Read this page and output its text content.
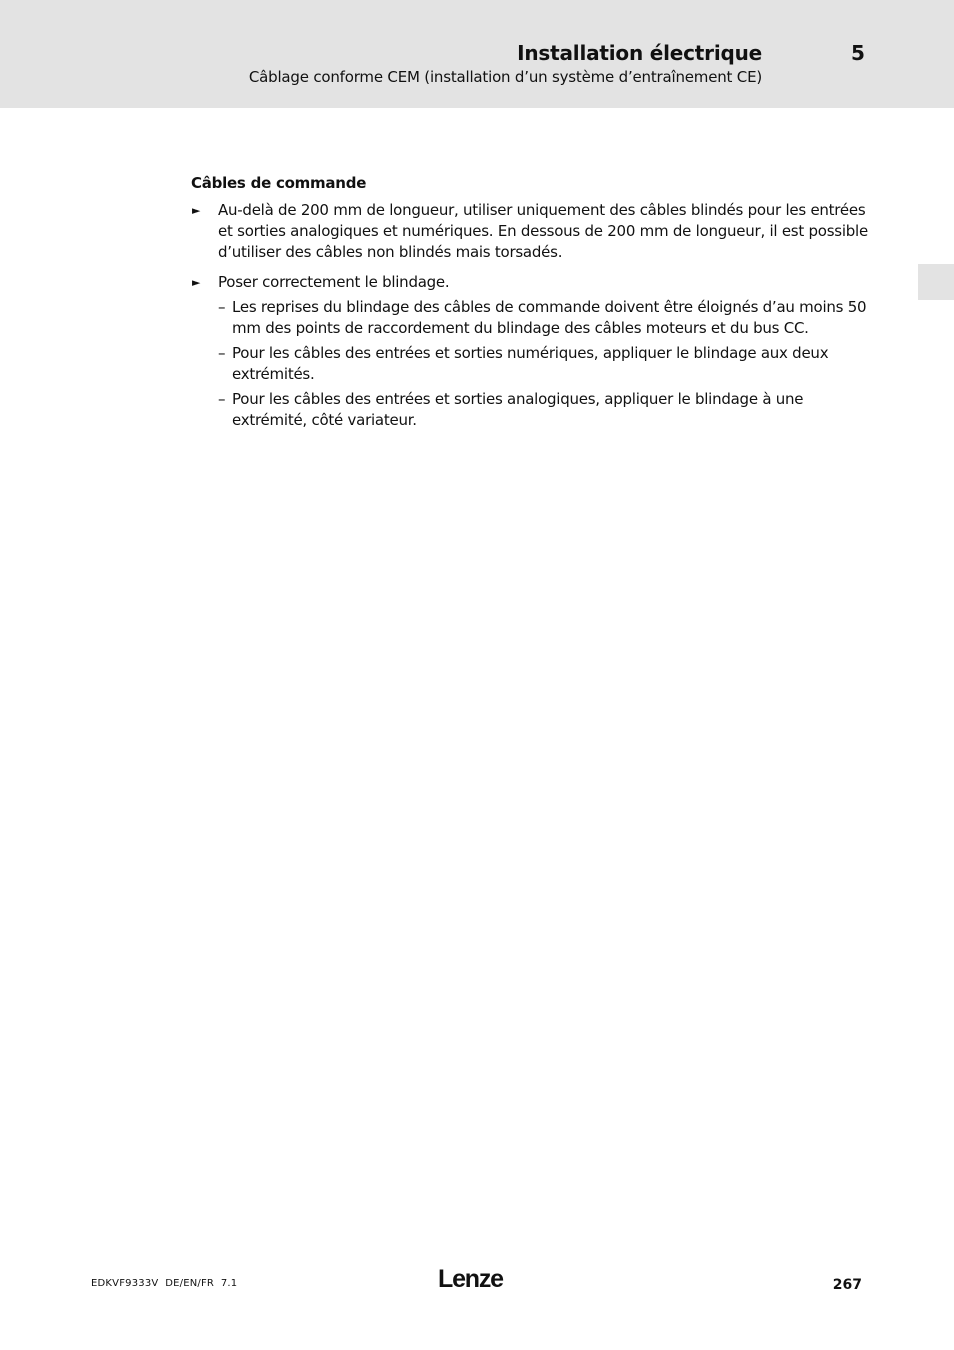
Installation électrique	5
Câblage conforme CEM (installation d’un système d’entraînement CE)
Câbles de commande
► Au-delà de 200 mm de longueur, utiliser uniquement des câbles blindés pour les entrées et sorties analogiques et numériques. En dessous de 200 mm de longueur, il est possible d’utiliser des câbles non blindés mais torsadés.
► Poser correctement le blindage.
– Les reprises du blindage des câbles de commande doivent être éloignés d’au moins 50 mm des points de raccordement du blindage des câbles moteurs et du bus CC.
– Pour les câbles des entrées et sorties numériques, appliquer le blindage aux deux extrémités.
– Pour les câbles des entrées et sorties analogiques, appliquer le blindage à une extrémité, côté variateur.
EDKVF9333V  DE/EN/FR  7.1	Lenze	267
